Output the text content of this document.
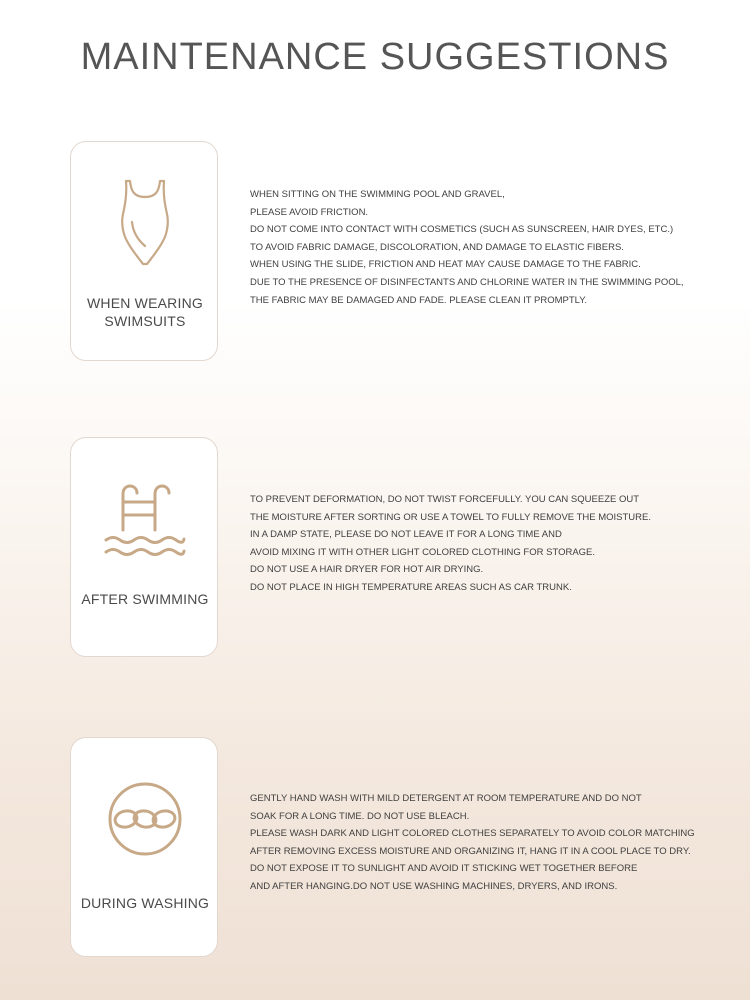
MAINTENANCE SUGGESTIONS
WHEN WEARING
SWIMSUITS
WHEN SITTING ON THE SWIMMING POOL AND GRAVEL,
PLEASE AVOID FRICTION.
DO NOT COME INTO CONTACT WITH COSMETICS (SUCH AS SUNSCREEN, HAIR DYES, ETC.)
TO AVOID FABRIC DAMAGE, DISCOLORATION, AND DAMAGE TO ELASTIC FIBERS.
WHEN USING THE SLIDE, FRICTION AND HEAT MAY CAUSE DAMAGE TO THE FABRIC.
DUE TO THE PRESENCE OF DISINFECTANTS AND CHLORINE WATER IN THE SWIMMING POOL,
THE FABRIC MAY BE DAMAGED AND FADE. PLEASE CLEAN IT PROMPTLY.
AFTER SWIMMING
TO PREVENT DEFORMATION, DO NOT TWIST FORCEFULLY. YOU CAN SQUEEZE OUT
THE MOISTURE AFTER SORTING OR USE A TOWEL TO FULLY REMOVE THE MOISTURE.
IN A DAMP STATE, PLEASE DO NOT LEAVE IT FOR A LONG TIME AND
AVOID MIXING IT WITH OTHER LIGHT COLORED CLOTHING FOR STORAGE.
DO NOT USE A HAIR DRYER FOR HOT AIR DRYING.
DO NOT PLACE IN HIGH TEMPERATURE AREAS SUCH AS CAR TRUNK.
DURING WASHING
GENTLY HAND WASH WITH MILD DETERGENT AT ROOM TEMPERATURE AND DO NOT
SOAK FOR A LONG TIME. DO NOT USE BLEACH.
PLEASE WASH DARK AND LIGHT COLORED CLOTHES SEPARATELY TO AVOID COLOR MATCHING
AFTER REMOVING EXCESS MOISTURE AND ORGANIZING IT, HANG IT IN A COOL PLACE TO DRY.
DO NOT EXPOSE IT TO SUNLIGHT AND AVOID IT STICKING WET TOGETHER BEFORE
AND AFTER HANGING.DO NOT USE WASHING MACHINES, DRYERS, AND IRONS.
